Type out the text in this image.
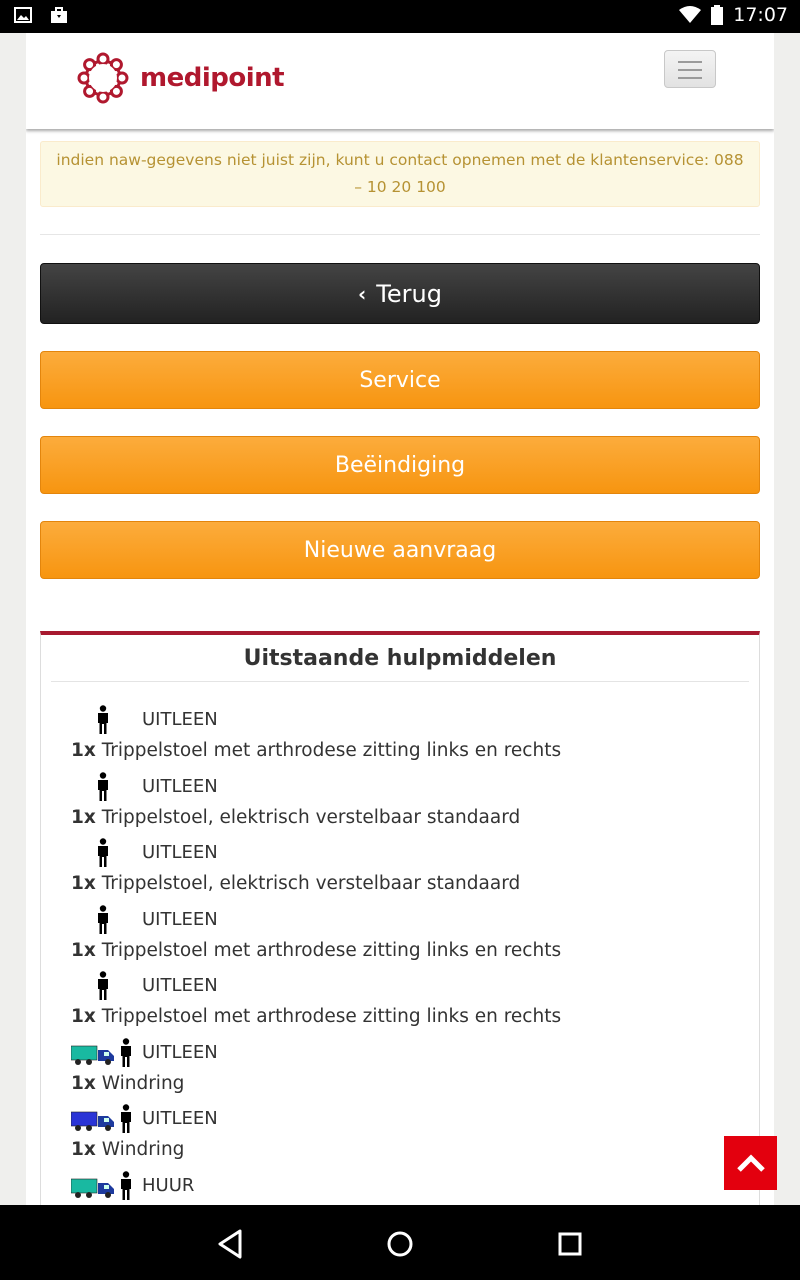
17:07
medipoint
indien naw-gegevens niet juist zijn, kunt u contact opnemen met de klantenservice: 088 – 10 20 100
‹ Terug
Service
Beëindiging
Nieuwe aanvraag
Uitstaande hulpmiddelen
UITLEEN
1x Trippelstoel met arthrodese zitting links en rechts
UITLEEN
1x Trippelstoel, elektrisch verstelbaar standaard
UITLEEN
1x Trippelstoel, elektrisch verstelbaar standaard
UITLEEN
1x Trippelstoel met arthrodese zitting links en rechts
UITLEEN
1x Trippelstoel met arthrodese zitting links en rechts
UITLEEN
1x Windring
UITLEEN
1x Windring
HUUR
